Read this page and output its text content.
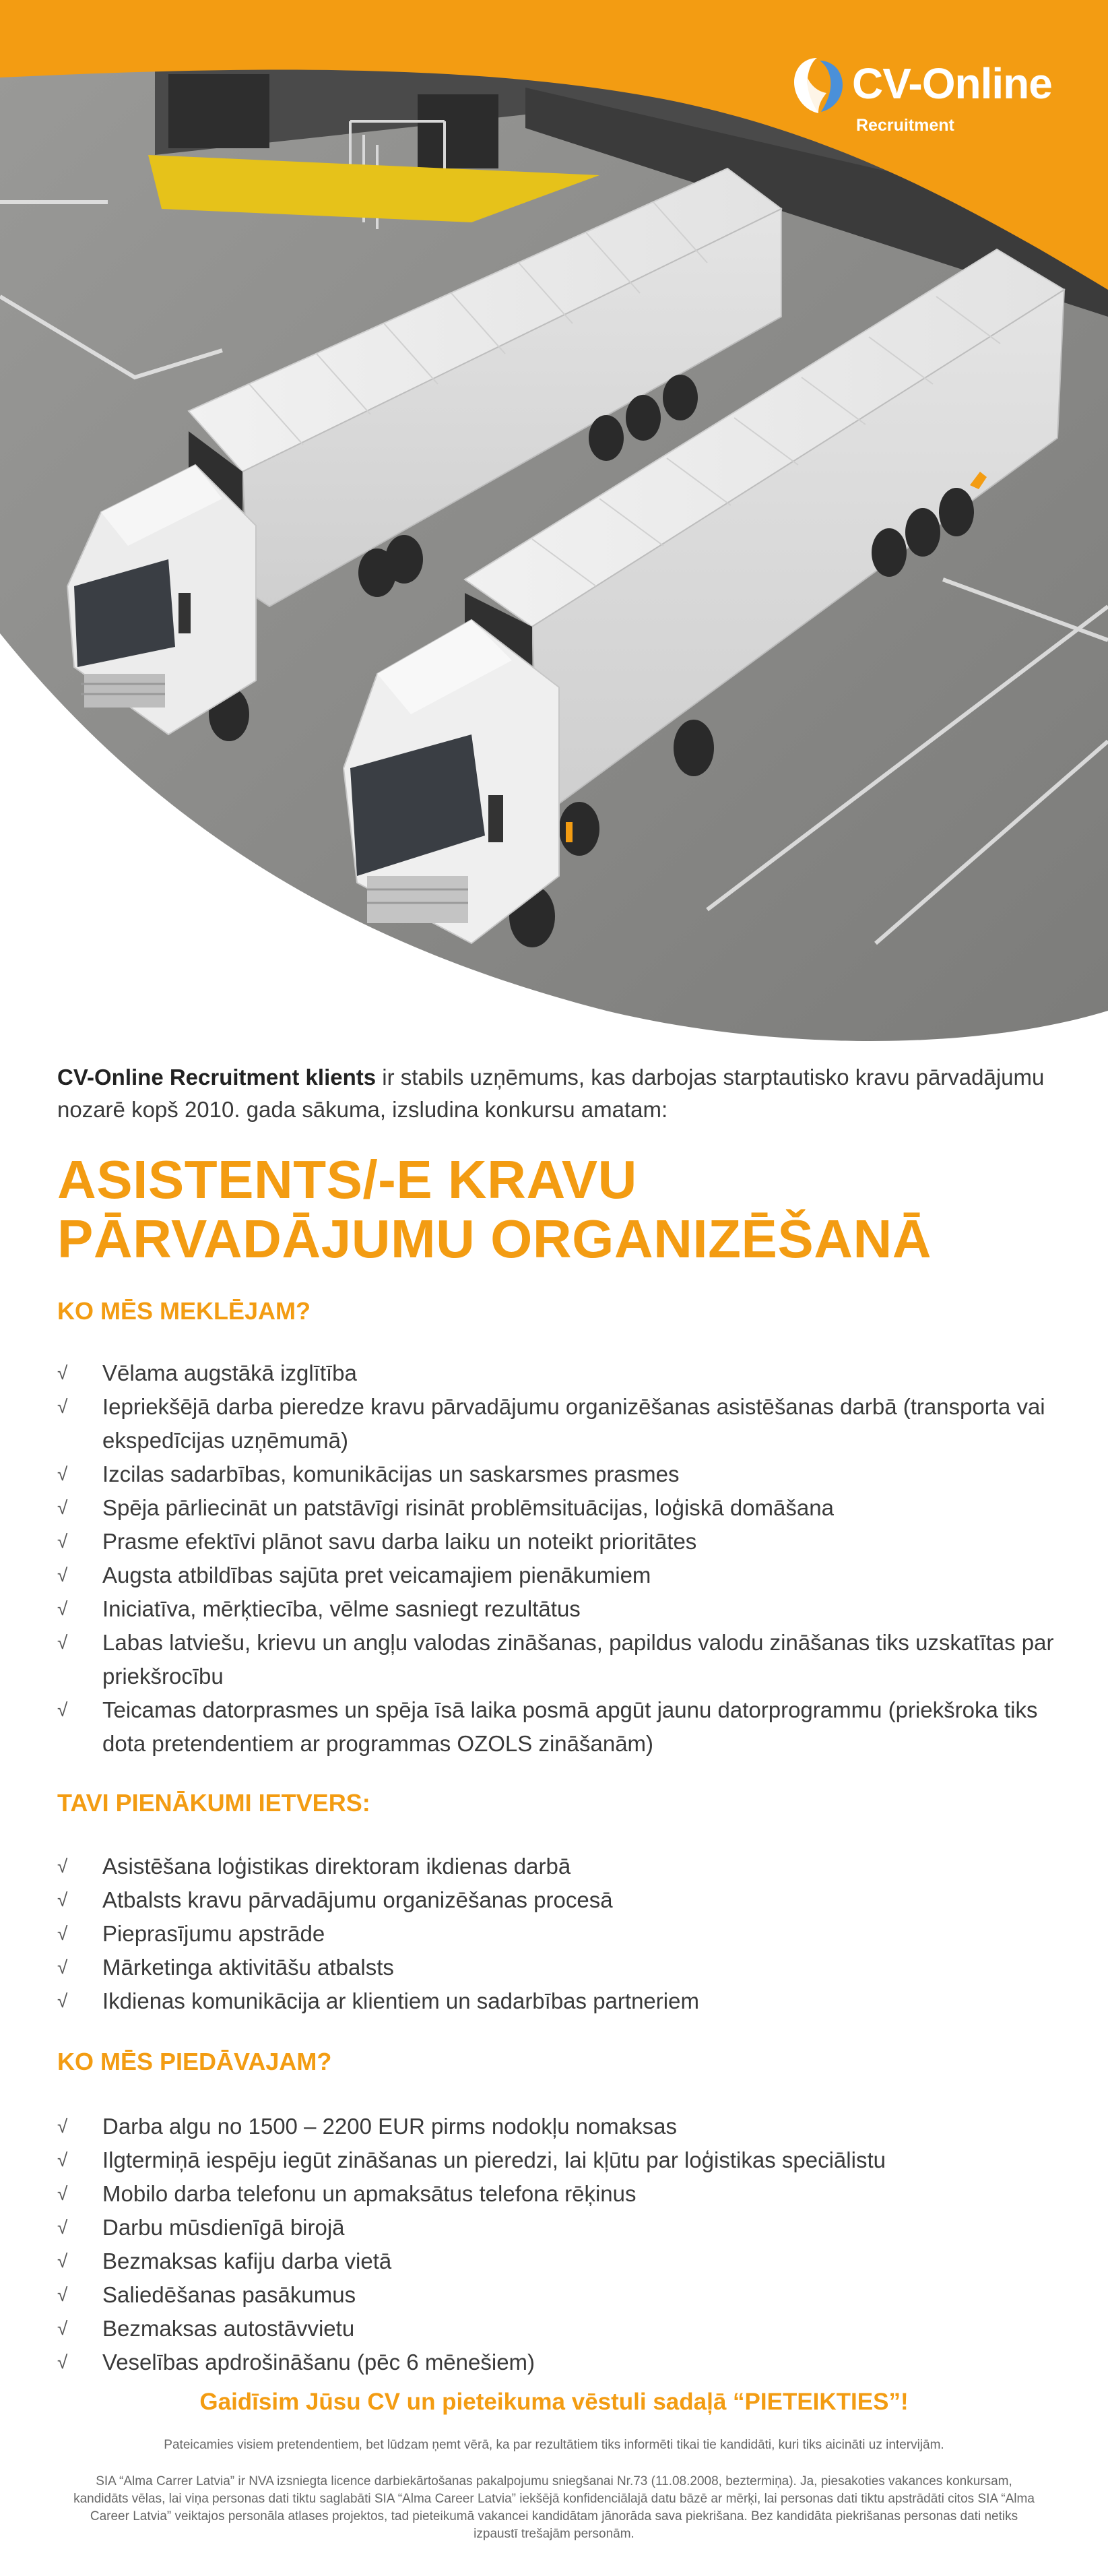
CV-Online
Recruitment

CV-Online Recruitment klients ir stabils uzņēmums, kas darbojas starptautisko kravu pārvadājumu nozarē kopš 2010. gada sākuma, izsludina konkursu amatam:

ASISTENTS/-E KRAVU
PĀRVADĀJUMU ORGANIZĒŠANĀ
KO MĒS MEKLĒJAM?
√	Vēlama augstākā izglītība
√	Iepriekšējā darba pieredze kravu pārvadājumu organizēšanas asistēšanas darbā (transporta vai ekspedīcijas uzņēmumā)
√	Izcilas sadarbības, komunikācijas un saskarsmes prasmes
√	Spēja pārliecināt un patstāvīgi risināt problēmsituācijas, loģiskā domāšana
√	Prasme efektīvi plānot savu darba laiku un noteikt prioritātes
√	Augsta atbildības sajūta pret veicamajiem pienākumiem
√	Iniciatīva, mērķtiecība, vēlme sasniegt rezultātus
√	Labas latviešu, krievu un angļu valodas zināšanas, papildus valodu zināšanas tiks uzskatītas par priekšrocību
√	Teicamas datorprasmes un spēja īsā laika posmā apgūt jaunu datorprogrammu (priekšroka tiks dota pretendentiem ar programmas OZOLS zināšanām)
TAVI PIENĀKUMI IETVERS:
√	Asistēšana loģistikas direktoram ikdienas darbā
√	Atbalsts kravu pārvadājumu organizēšanas procesā
√	Pieprasījumu apstrāde
√	Mārketinga aktivitāšu atbalsts
√	Ikdienas komunikācija ar klientiem un sadarbības partneriem
KO MĒS PIEDĀVAJAM?
√	Darba algu no 1500 – 2200 EUR pirms nodokļu nomaksas
√	Ilgtermiņā iespēju iegūt zināšanas un pieredzi, lai kļūtu par loģistikas speciālistu
√	Mobilo darba telefonu un apmaksātus telefona rēķinus
√	Darbu mūsdienīgā birojā
√	Bezmaksas kafiju darba vietā
√	Saliedēšanas pasākumus
√	Bezmaksas autostāvvietu
√	Veselības apdrošināšanu (pēc 6 mēnešiem)
Gaidīsim Jūsu CV un pieteikuma vēstuli sadaļā “PIETEIKTIES”!
Pateicamies visiem pretendentiem, bet lūdzam ņemt vērā, ka par rezultātiem tiks informēti tikai tie kandidāti, kuri tiks aicināti uz intervijām.
SIA “Alma Carrer Latvia” ir NVA izsniegta licence darbiekārtošanas pakalpojumu sniegšanai Nr.73 (11.08.2008, beztermiņa). Ja, piesakoties vakances konkursam, kandidāts vēlas, lai viņa personas dati tiktu saglabāti SIA “Alma Career Latvia” iekšējā konfidenciālajā datu bāzē ar mērķi, lai personas dati tiktu apstrādāti citos SIA “Alma Career Latvia” veiktajos personāla atlases projektos, tad pieteikumā vakancei kandidātam jānorāda sava piekrišana. Bez kandidāta piekrišanas personas dati netiks izpaustī trešajām personām.
